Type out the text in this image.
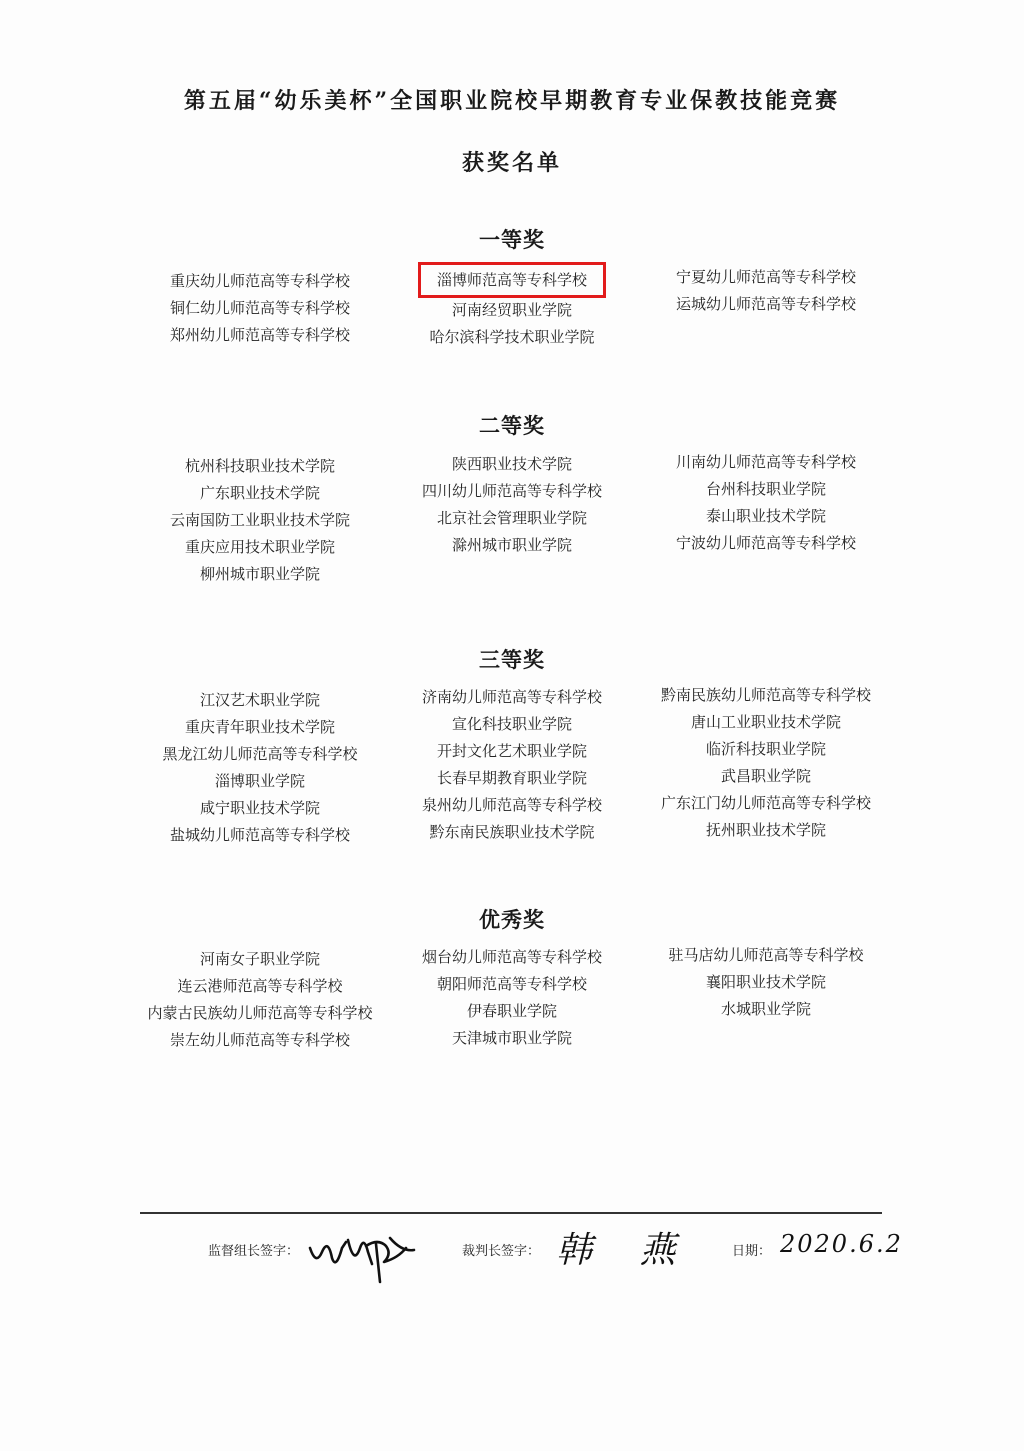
第五届“幼乐美杯”全国职业院校早期教育专业保教技能竞赛
获奖名单
一等奖
重庆幼儿师范高等专科学校
铜仁幼儿师范高等专科学校
郑州幼儿师范高等专科学校
淄博师范高等专科学校
河南经贸职业学院
哈尔滨科学技术职业学院
宁夏幼儿师范高等专科学校
运城幼儿师范高等专科学校
二等奖
杭州科技职业技术学院
广东职业技术学院
云南国防工业职业技术学院
重庆应用技术职业学院
柳州城市职业学院
陕西职业技术学院
四川幼儿师范高等专科学校
北京社会管理职业学院
滁州城市职业学院
川南幼儿师范高等专科学校
台州科技职业学院
泰山职业技术学院
宁波幼儿师范高等专科学校
三等奖
江汉艺术职业学院
重庆青年职业技术学院
黑龙江幼儿师范高等专科学校
淄博职业学院
咸宁职业技术学院
盐城幼儿师范高等专科学校
济南幼儿师范高等专科学校
宣化科技职业学院
开封文化艺术职业学院
长春早期教育职业学院
泉州幼儿师范高等专科学校
黔东南民族职业技术学院
黔南民族幼儿师范高等专科学校
唐山工业职业技术学院
临沂科技职业学院
武昌职业学院
广东江门幼儿师范高等专科学校
抚州职业技术学院
优秀奖
河南女子职业学院
连云港师范高等专科学校
内蒙古民族幼儿师范高等专科学校
崇左幼儿师范高等专科学校
烟台幼儿师范高等专科学校
朝阳师范高等专科学校
伊春职业学院
天津城市职业学院
驻马店幼儿师范高等专科学校
襄阳职业技术学院
水城职业学院
监督组长签字：	裁判长签字： 韩 燕	日期： 2020.6.2
